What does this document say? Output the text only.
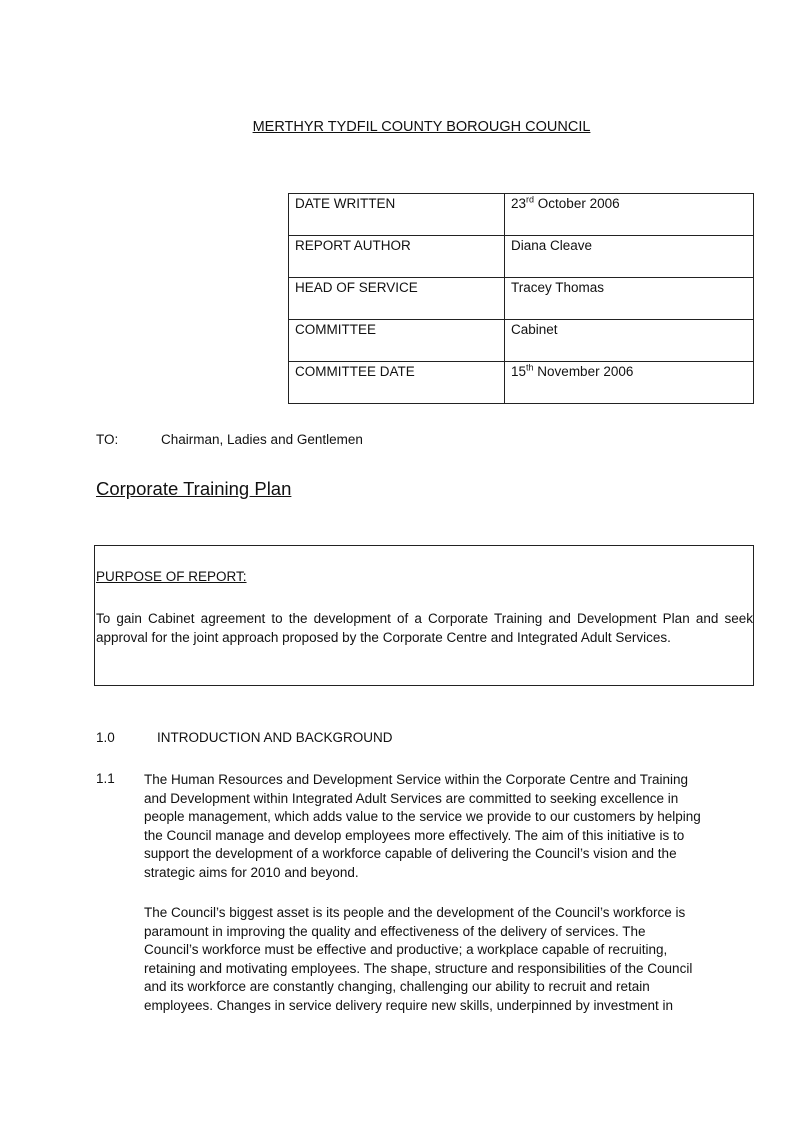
MERTHYR TYDFIL COUNTY BOROUGH COUNCIL
DATE WRITTEN	23rd October 2006
REPORT AUTHOR	Diana Cleave
HEAD OF SERVICE	Tracey Thomas
COMMITTEE	Cabinet
COMMITTEE DATE	15th November 2006
TO:	Chairman, Ladies and Gentlemen
Corporate Training Plan
PURPOSE OF REPORT:
To gain Cabinet agreement to the development of a Corporate Training and Development Plan and seek approval for the joint approach proposed by the Corporate Centre and Integrated Adult Services.
1.0	INTRODUCTION AND BACKGROUND
1.1 The Human Resources and Development Service within the Corporate Centre and Training
and Development within Integrated Adult Services are committed to seeking excellence in
people management, which adds value to the service we provide to our customers by helping
the Council manage and develop employees more effectively. The aim of this initiative is to
support the development of a workforce capable of delivering the Council’s vision and the
strategic aims for 2010 and beyond.
The Council’s biggest asset is its people and the development of the Council’s workforce is
paramount in improving the quality and effectiveness of the delivery of services. The
Council’s workforce must be effective and productive; a workplace capable of recruiting,
retaining and motivating employees. The shape, structure and responsibilities of the Council
and its workforce are constantly changing, challenging our ability to recruit and retain
employees. Changes in service delivery require new skills, underpinned by investment in
